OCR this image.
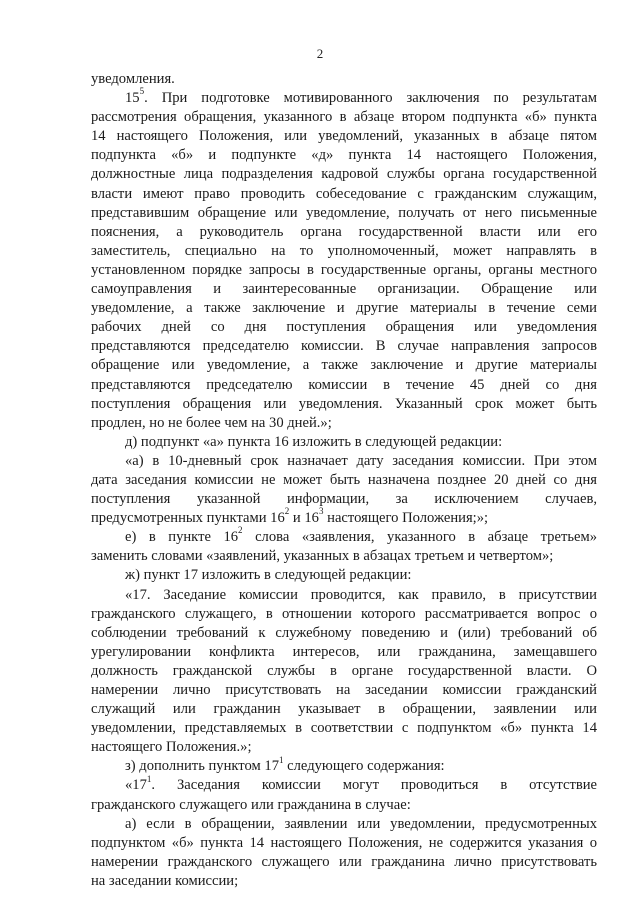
2
уведомления.
$15^5$. При подготовке мотивированного заключения по результатам
рассмотрения обращения, указанного в абзаце втором подпункта «б» пункта
14 настоящего Положения, или уведомлений, указанных в абзаце пятом
подпункта «б» и подпункте «д» пункта 14 настоящего Положения,
должностные лица подразделения кадровой службы органа государственной
власти имеют право проводить собеседование с гражданским служащим,
представившим обращение или уведомление, получать от него письменные
пояснения, а руководитель органа государственной власти или его
заместитель, специально на то уполномоченный, может направлять в
установленном порядке запросы в государственные органы, органы местного
самоуправления и заинтересованные организации. Обращение или
уведомление, а также заключение и другие материалы в течение семи
рабочих дней со дня поступления обращения или уведомления
представляются председателю комиссии. В случае направления запросов
обращение или уведомление, а также заключение и другие материалы
представляются председателю комиссии в течение 45 дней со дня
поступления обращения или уведомления. Указанный срок может быть
продлен, но не более чем на 30 дней.»;
д) подпункт «а» пункта 16 изложить в следующей редакции:
«а) в 10-дневный срок назначает дату заседания комиссии. При этом
дата заседания комиссии не может быть назначена позднее 20 дней со дня
поступления указанной информации, за исключением случаев,
предусмотренных пунктами $16^2$ и $16^3$ настоящего Положения;»;
е) в пункте $16^2$ слова «заявления, указанного в абзаце третьем»
заменить словами «заявлений, указанных в абзацах третьем и четвертом»;
ж) пункт 17 изложить в следующей редакции:
«17. Заседание комиссии проводится, как правило, в присутствии
гражданского служащего, в отношении которого рассматривается вопрос о
соблюдении требований к служебному поведению и (или) требований об
урегулировании конфликта интересов, или гражданина, замещавшего
должность гражданской службы в органе государственной власти. О
намерении лично присутствовать на заседании комиссии гражданский
служащий или гражданин указывает в обращении, заявлении или
уведомлении, представляемых в соответствии с подпунктом «б» пункта 14
настоящего Положения.»;
з) дополнить пунктом $17^1$ следующего содержания:
«$17^1$. Заседания комиссии могут проводиться в отсутствие
гражданского служащего или гражданина в случае:
а) если в обращении, заявлении или уведомлении, предусмотренных
подпунктом «б» пункта 14 настоящего Положения, не содержится указания о
намерении гражданского служащего или гражданина лично присутствовать
на заседании комиссии;
